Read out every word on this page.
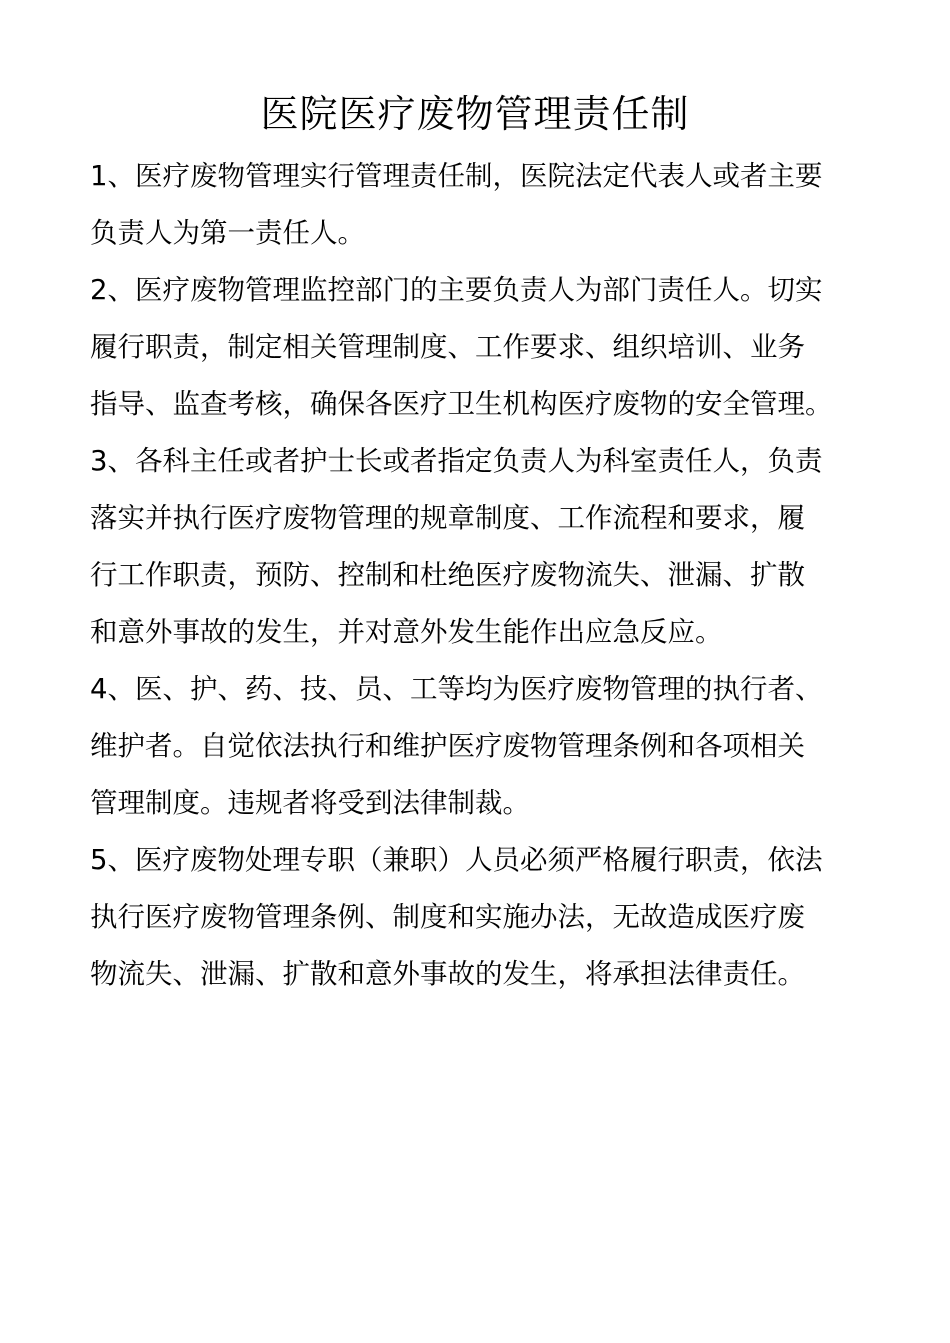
医院医疗废物管理责任制

1、医疗废物管理实行管理责任制，医院法定代表人或者主要
负责人为第一责任人。

2、医疗废物管理监控部门的主要负责人为部门责任人。切实
履行职责，制定相关管理制度、工作要求、组织培训、业务
指导、监查考核，确保各医疗卫生机构医疗废物的安全管理。

3、各科主任或者护士长或者指定负责人为科室责任人，负责
落实并执行医疗废物管理的规章制度、工作流程和要求，履
行工作职责，预防、控制和杜绝医疗废物流失、泄漏、扩散
和意外事故的发生，并对意外发生能作出应急反应。

4、医、护、药、技、员、工等均为医疗废物管理的执行者、
维护者。自觉依法执行和维护医疗废物管理条例和各项相关
管理制度。违规者将受到法律制裁。

5、医疗废物处理专职（兼职）人员必须严格履行职责，依法
执行医疗废物管理条例、制度和实施办法，无故造成医疗废
物流失、泄漏、扩散和意外事故的发生，将承担法律责任。
